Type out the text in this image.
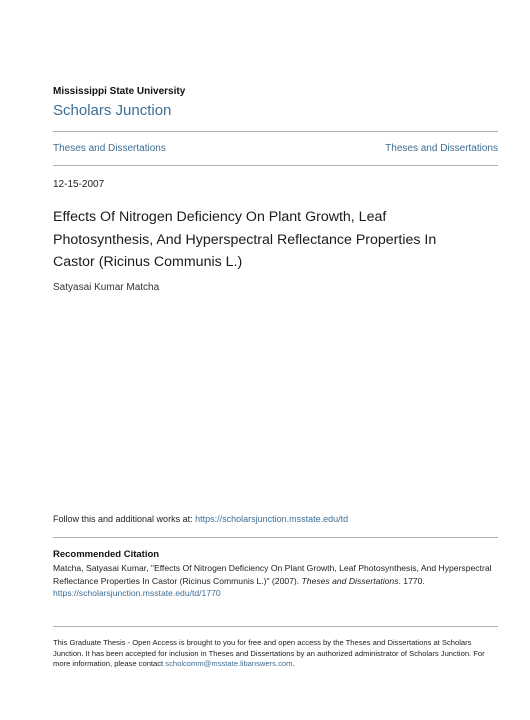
Mississippi State University
Scholars Junction
Theses and Dissertations	Theses and Dissertations
12-15-2007
Effects Of Nitrogen Deficiency On Plant Growth, Leaf Photosynthesis, And Hyperspectral Reflectance Properties In Castor (Ricinus Communis L.)
Satyasai Kumar Matcha
Follow this and additional works at: https://scholarsjunction.msstate.edu/td
Recommended Citation
Matcha, Satyasai Kumar, "Effects Of Nitrogen Deficiency On Plant Growth, Leaf Photosynthesis, And Hyperspectral Reflectance Properties In Castor (Ricinus Communis L.)" (2007). Theses and Dissertations. 1770.
https://scholarsjunction.msstate.edu/td/1770
This Graduate Thesis - Open Access is brought to you for free and open access by the Theses and Dissertations at Scholars Junction. It has been accepted for inclusion in Theses and Dissertations by an authorized administrator of Scholars Junction. For more information, please contact scholcomm@msstate.libanswers.com.
